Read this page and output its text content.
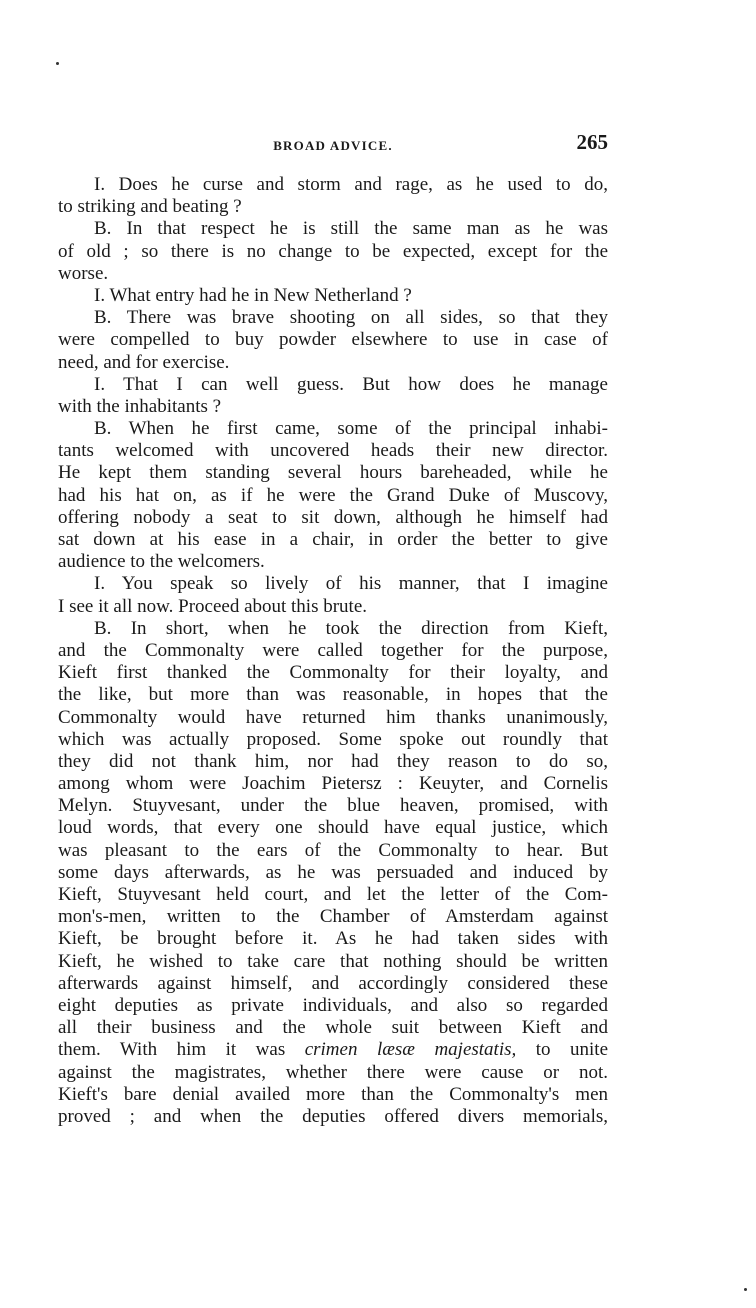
BROAD ADVICE.	265
I. Does he curse and storm and rage, as he used to do,
to striking and beating ?
B. In that respect he is still the same man as he was
of old ; so there is no change to be expected, except for the
worse.
I. What entry had he in New Netherland ?
B. There was brave shooting on all sides, so that they
were compelled to buy powder elsewhere to use in case of
need, and for exercise.
I. That I can well guess. But how does he manage
with the inhabitants ?
B. When he first came, some of the principal inhabi-
tants welcomed with uncovered heads their new director.
He kept them standing several hours bareheaded, while he
had his hat on, as if he were the Grand Duke of Muscovy,
offering nobody a seat to sit down, although he himself had
sat down at his ease in a chair, in order the better to give
audience to the welcomers.
I. You speak so lively of his manner, that I imagine
I see it all now. Proceed about this brute.
B. In short, when he took the direction from Kieft,
and the Commonalty were called together for the purpose,
Kieft first thanked the Commonalty for their loyalty, and
the like, but more than was reasonable, in hopes that the
Commonalty would have returned him thanks unanimously,
which was actually proposed. Some spoke out roundly that
they did not thank him, nor had they reason to do so,
among whom were Joachim Pietersz : Keuyter, and Cornelis
Melyn. Stuyvesant, under the blue heaven, promised, with
loud words, that every one should have equal justice, which
was pleasant to the ears of the Commonalty to hear. But
some days afterwards, as he was persuaded and induced by
Kieft, Stuyvesant held court, and let the letter of the Com-
mon's-men, written to the Chamber of Amsterdam against
Kieft, be brought before it. As he had taken sides with
Kieft, he wished to take care that nothing should be written
afterwards against himself, and accordingly considered these
eight deputies as private individuals, and also so regarded
all their business and the whole suit between Kieft and
them. With him it was crimen læsæ majestatis, to unite
against the magistrates, whether there were cause or not.
Kieft's bare denial availed more than the Commonalty's men
proved ; and when the deputies offered divers memorials,
